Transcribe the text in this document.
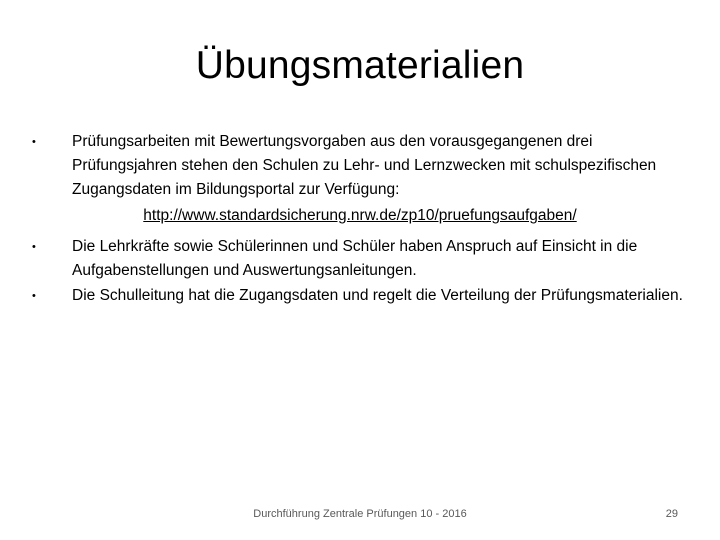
Übungsmaterialien
•	Prüfungsarbeiten mit Bewertungsvorgaben aus den vorausgegangenen drei Prüfungsjahren stehen den Schulen zu Lehr- und Lernzwecken mit schulspezifischen Zugangsdaten im Bildungsportal zur Verfügung:
http://www.standardsicherung.nrw.de/zp10/pruefungsaufgaben/
•	Die Lehrkräfte sowie Schülerinnen und Schüler haben Anspruch auf Einsicht in die Aufgabenstellungen und Auswertungsanleitungen.
•	Die Schulleitung hat die Zugangsdaten und regelt die Verteilung der Prüfungsmaterialien.
Durchführung Zentrale Prüfungen 10 - 2016	29
